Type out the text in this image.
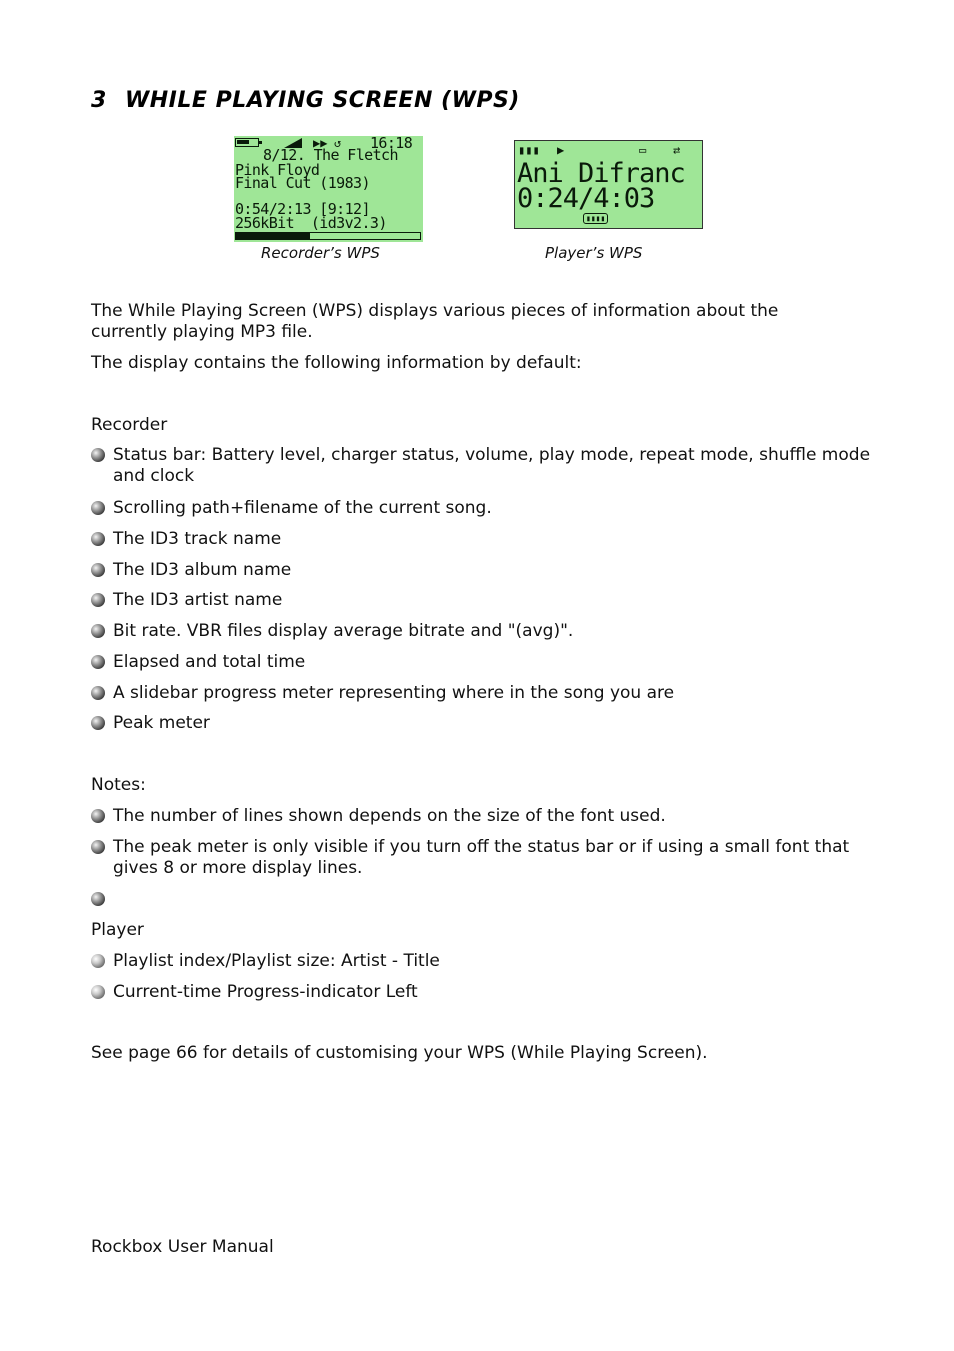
3 WHILE PLAYING SCREEN (WPS)
▶▶ ↺ 16:18
8/12. The Fletch
Pink Floyd
Final Cut (1983)
0:54/2:13 [9:12]
256kBit  (id3v2.3)
Recorder’s WPS
▮▮▮ ▶	▭ ⇄
Ani Difranc
0:24/4:03
▮▮▮▮
Player’s WPS

The While Playing Screen (WPS) displays various pieces of information about the currently playing MP3 file.

The display contains the following information by default:

Recorder

Status bar: Battery level, charger status, volume, play mode, repeat mode, shuffle mode and clock

Scrolling path+filename of the current song.

The ID3 track name

The ID3 album name

The ID3 artist name

Bit rate. VBR files display average bitrate and "(avg)".

Elapsed and total time

A slidebar progress meter representing where in the song you are

Peak meter

Notes:

The number of lines shown depends on the size of the font used.

The peak meter is only visible if you turn off the status bar or if using a small font that gives 8 or more display lines.

Player

Playlist index/Playlist size: Artist - Title

Current-time Progress-indicator Left

See page 66 for details of customising your WPS (While Playing Screen).

Rockbox User Manual
